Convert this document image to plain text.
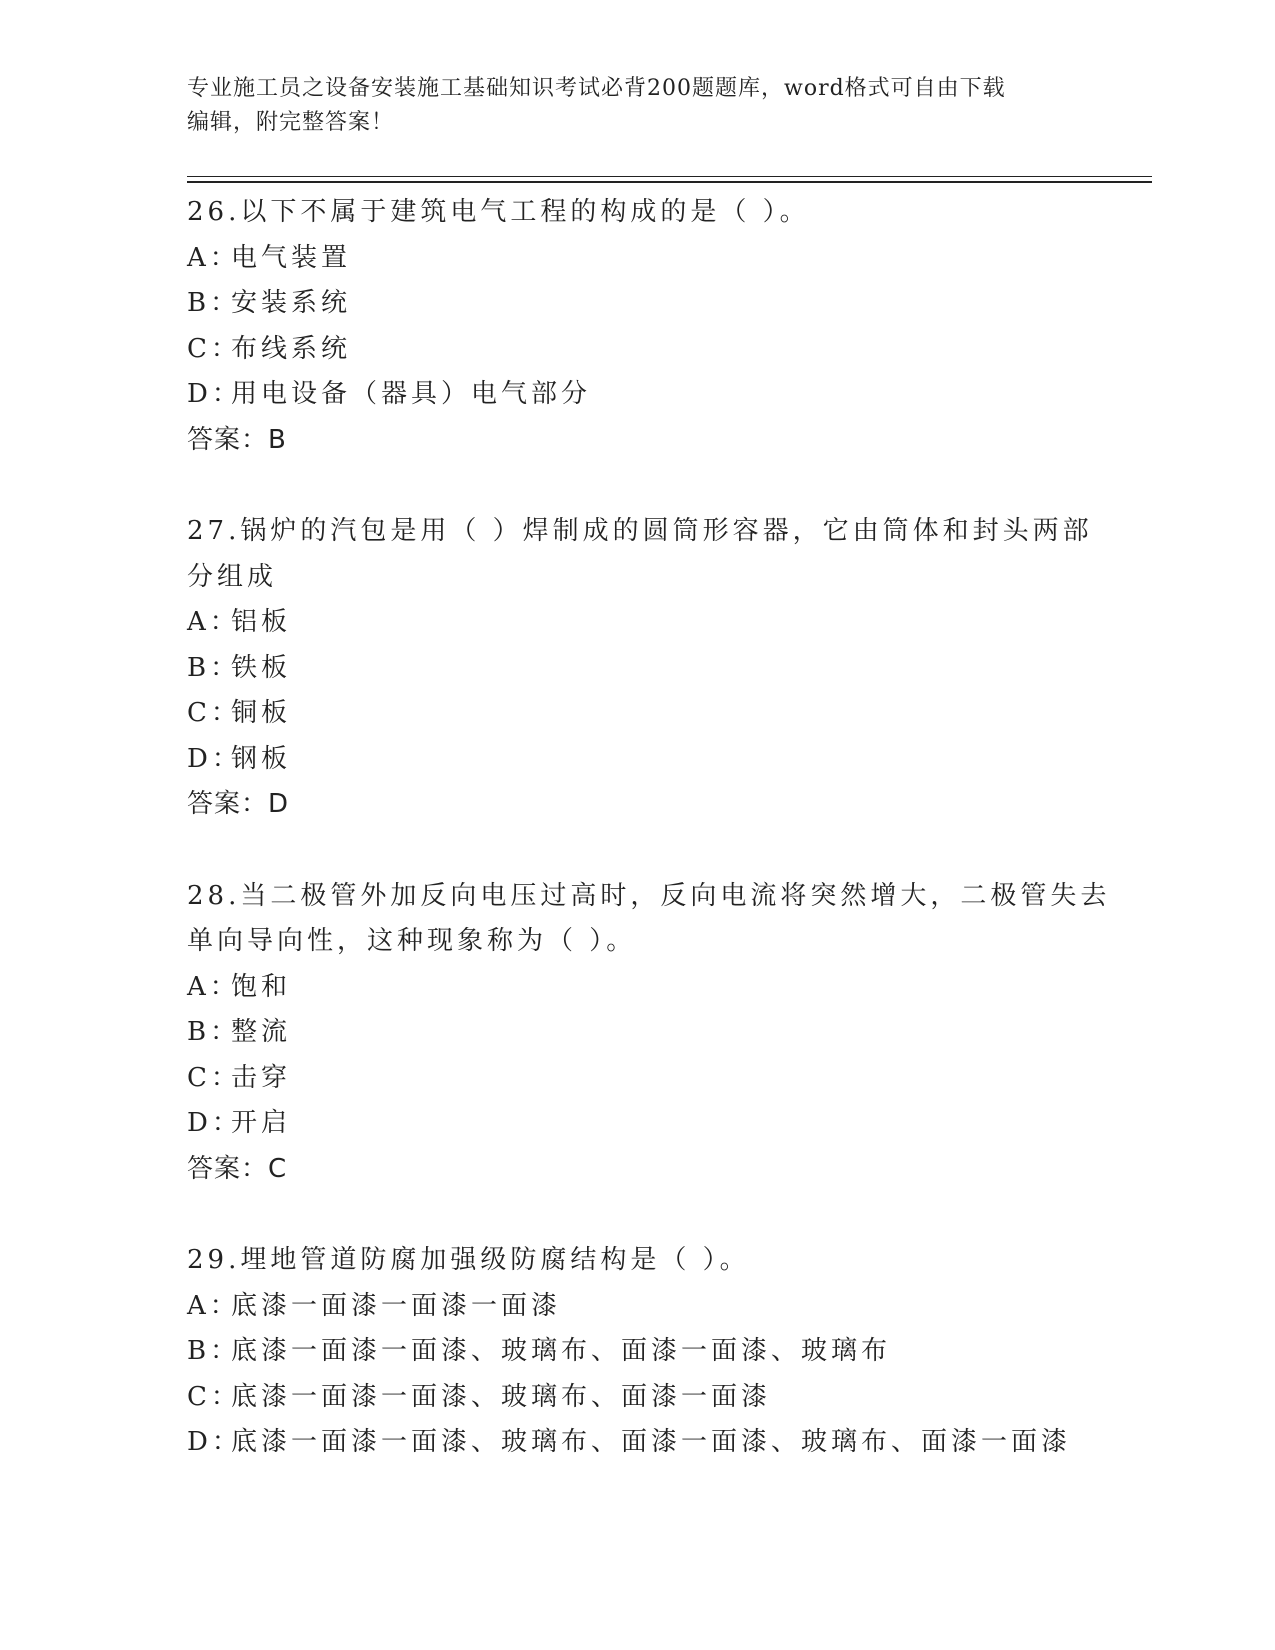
专业施工员之设备安装施工基础知识考试必背200题题库，word格式可自由下载
编辑，附完整答案！
26.以下不属于建筑电气工程的构成的是（ ）。
A：电气装置
B：安装系统
C：布线系统
D：用电设备（器具）电气部分
答案：B
27.锅炉的汽包是用（ ）焊制成的圆筒形容器，它由筒体和封头两部
分组成
A：铝板
B：铁板
C：铜板
D：钢板
答案：D
28.当二极管外加反向电压过高时，反向电流将突然增大，二极管失去
单向导向性，这种现象称为（ ）。
A：饱和
B：整流
C：击穿
D：开启
答案：C
29.埋地管道防腐加强级防腐结构是（ ）。
A：底漆一面漆一面漆一面漆
B：底漆一面漆一面漆、玻璃布、面漆一面漆、玻璃布
C：底漆一面漆一面漆、玻璃布、面漆一面漆
D：底漆一面漆一面漆、玻璃布、面漆一面漆、玻璃布、面漆一面漆
